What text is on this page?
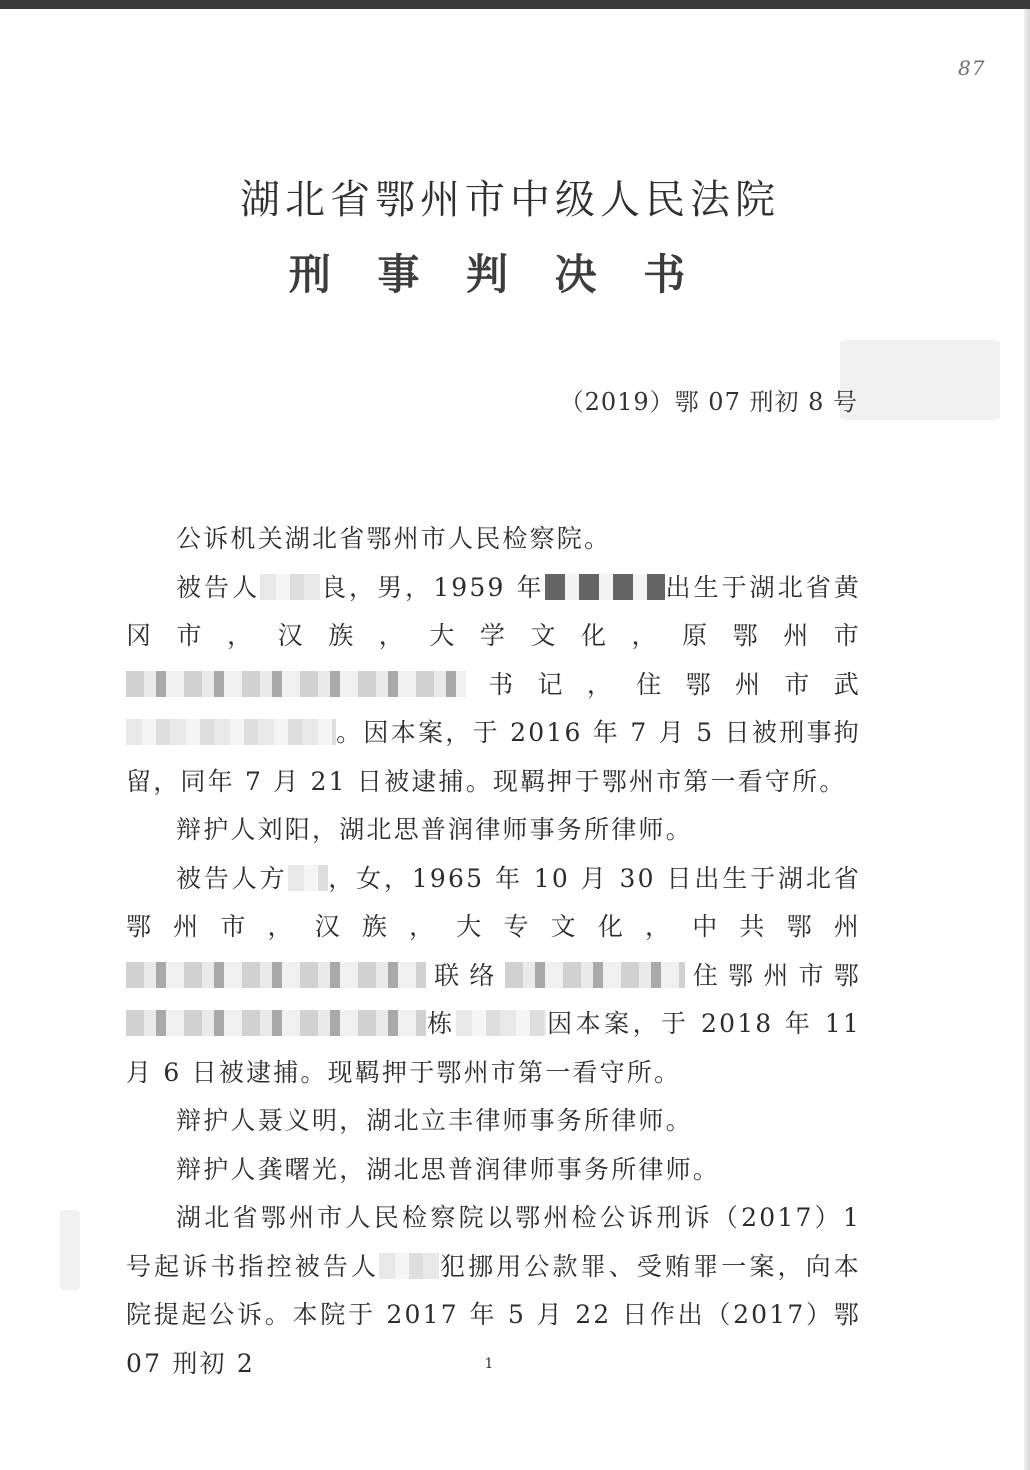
87
湖北省鄂州市中级人民法院
刑 事 判 决 书
（2019）鄂 07 刑初 8 号

公诉机关湖北省鄂州市人民检察院。

被告人 良，男，1959 年	出生于湖北省黄冈市，汉族，大学文化，原鄂州市书记，住鄂州市武。因本案，于 2016 年 7 月 5 日被刑事拘留，同年 7 月 21 日被逮捕。现羁押于鄂州市第一看守所。

辩护人刘阳，湖北思普润律师事务所律师。

被告人方 ，女，1965 年 10 月 30 日出生于湖北省鄂州市，汉族，大专文化，中共鄂州联络	住鄂州市鄂栋	因本案，于 2018 年 11 月 6 日被逮捕。现羁押于鄂州市第一看守所。

辩护人聂义明，湖北立丰律师事务所律师。

辩护人龚曙光，湖北思普润律师事务所律师。

湖北省鄂州市人民检察院以鄂州检公诉刑诉（2017）1 号起诉书指控被告人 犯挪用公款罪、受贿罪一案，向本院提起公诉。本院于 2017 年 5 月 22 日作出（2017）鄂 07 刑初 2	1
